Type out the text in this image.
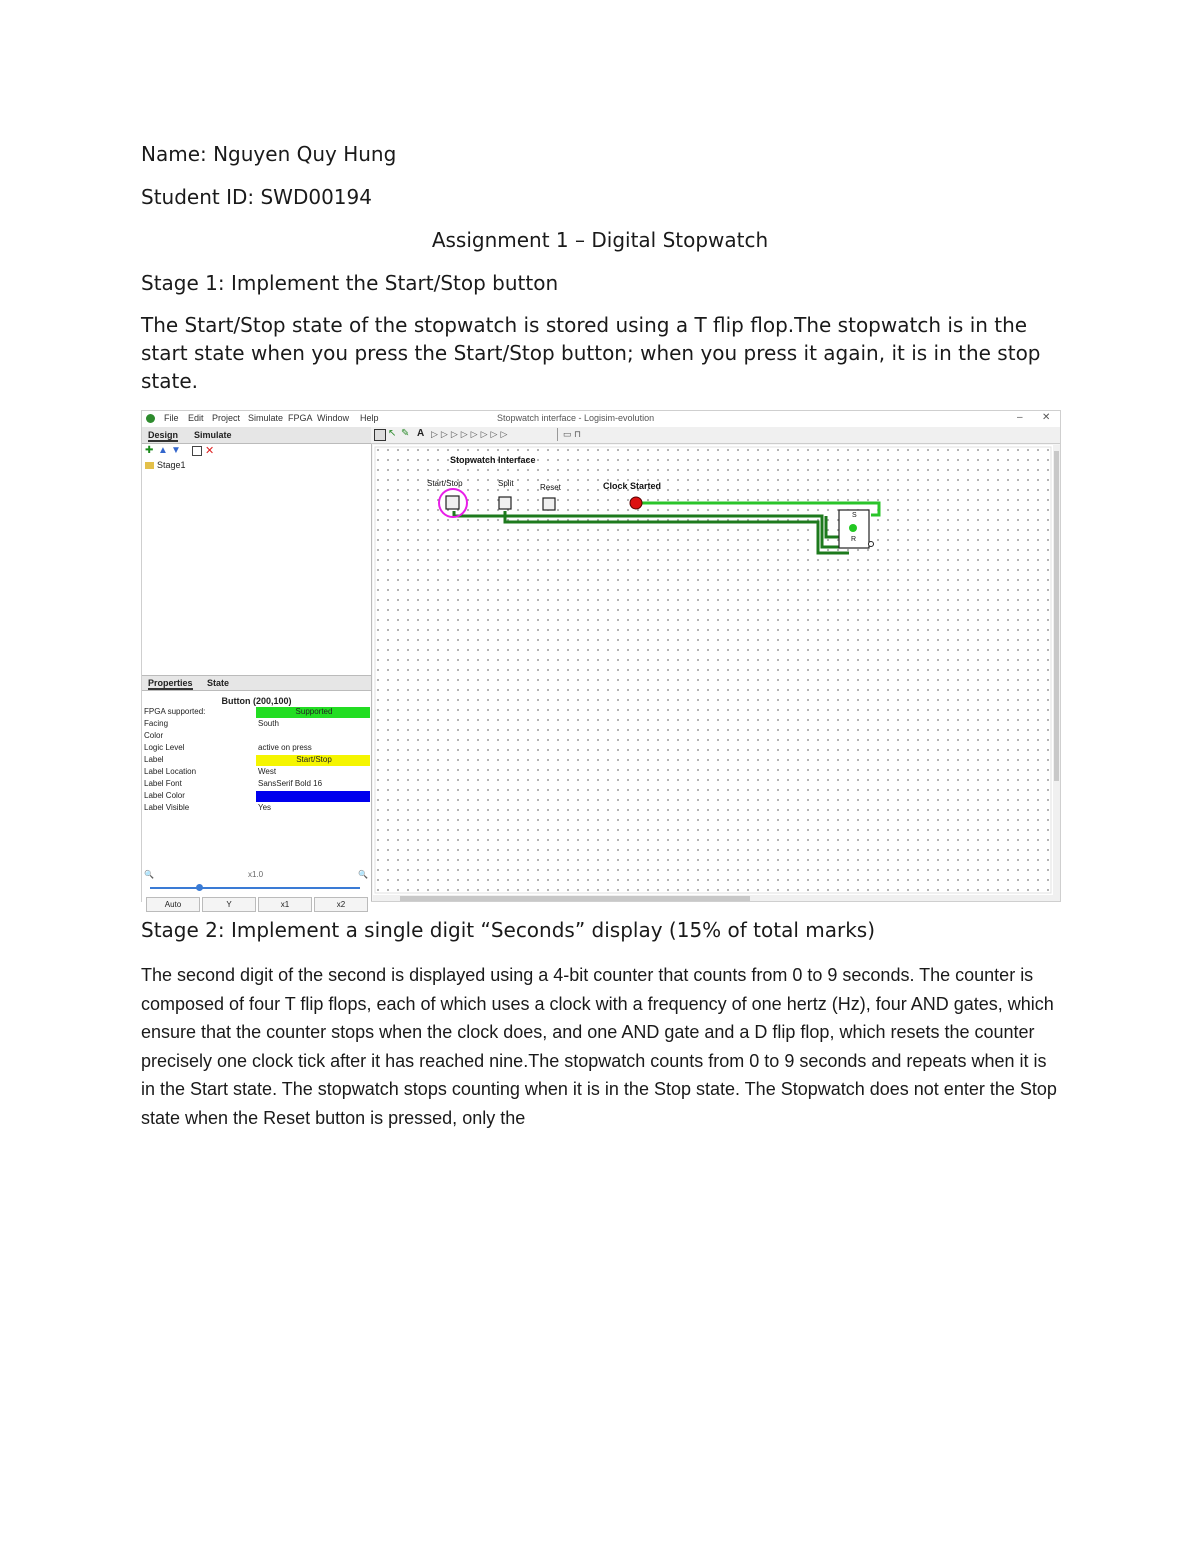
Name: Nguyen Quy Hung
Student ID: SWD00194
Assignment 1 – Digital Stopwatch
Stage 1: Implement the Start/Stop button
The Start/Stop state of the stopwatch is stored using a T flip flop.The stopwatch is in the start state when you press the Start/Stop button; when you press it again, it is in the stop state.
File Edit Project Simulate FPGA Window Help	Stopwatch interface - Logisim-evolution	– ✕
Design Simulate
✚ ▲ ▼ ✕
Stage1
Properties State
Button (200,100)
FPGA supported:	Supported
Facing	South
Color
Logic Level	active on press
Label	Start/Stop
Label Location	West
Label Font	SansSerif Bold 16
Label Color
Label Visible	Yes
🔍	x1.0	🔍
Auto	Y	x1	x2
↖ ✎ A ▷▷▷▷▷▷▷▷	▭ ⊓
Stopwatch Interface
Start/Stop	Split	Reset	Clock Started
S
R
Stage 2: Implement a single digit “Seconds” display (15% of total marks)
The second digit of the second is displayed using a 4-bit counter that counts from 0 to 9 seconds. The counter is composed of four T flip flops, each of which uses a clock with a frequency of one hertz (Hz), four AND gates, which ensure that the counter stops when the clock does, and one AND gate and a D flip flop, which resets the counter precisely one clock tick after it has reached nine.The stopwatch counts from 0 to 9 seconds and repeats when it is in the Start state. The stopwatch stops counting when it is in the Stop state. The Stopwatch does not enter the Stop state when the Reset button is pressed, only the
